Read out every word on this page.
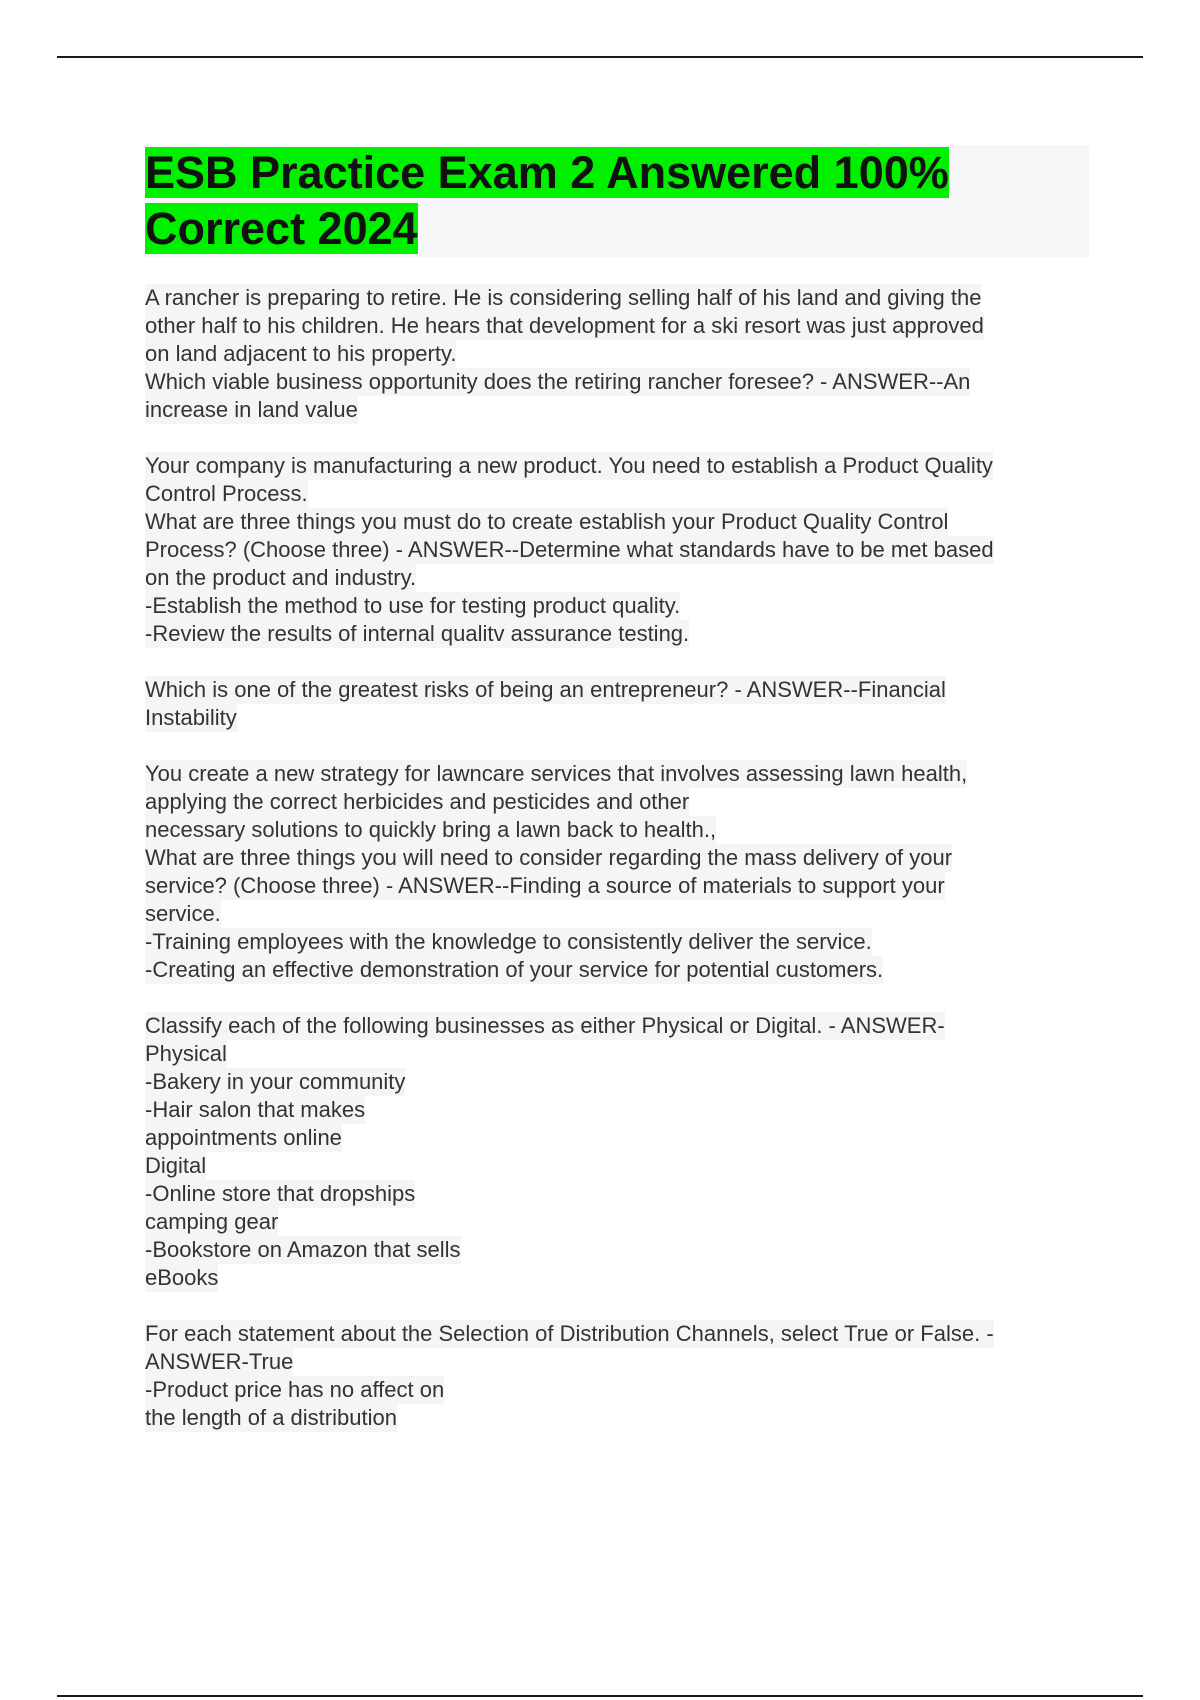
ESB Practice Exam 2 Answered 100%
Correct 2024
A rancher is preparing to retire. He is considering selling half of his land and giving the
other half to his children. He hears that development for a ski resort was just approved
on land adjacent to his property.
Which viable business opportunity does the retiring rancher foresee? - ANSWER--An
increase in land value
Your company is manufacturing a new product. You need to establish a Product Quality
Control Process.
What are three things you must do to create establish your Product Quality Control
Process? (Choose three) - ANSWER--Determine what standards have to be met based
on the product and industry.
-Establish the method to use for testing product quality.
-Review the results of internal qualitv assurance testing.
Which is one of the greatest risks of being an entrepreneur? - ANSWER--Financial
Instability
You create a new strategy for lawncare services that involves assessing lawn health,
applying the correct herbicides and pesticides and other
necessary solutions to quickly bring a lawn back to health.,
What are three things you will need to consider regarding the mass delivery of your
service? (Choose three) - ANSWER--Finding a source of materials to support your
service.
-Training employees with the knowledge to consistently deliver the service.
-Creating an effective demonstration of your service for potential customers.
Classify each of the following businesses as either Physical or Digital. - ANSWER-
Physical
-Bakery in your community
-Hair salon that makes
appointments online
Digital
-Online store that dropships
camping gear
-Bookstore on Amazon that sells
eBooks
For each statement about the Selection of Distribution Channels, select True or False. -
ANSWER-True
-Product price has no affect on
the length of a distribution
